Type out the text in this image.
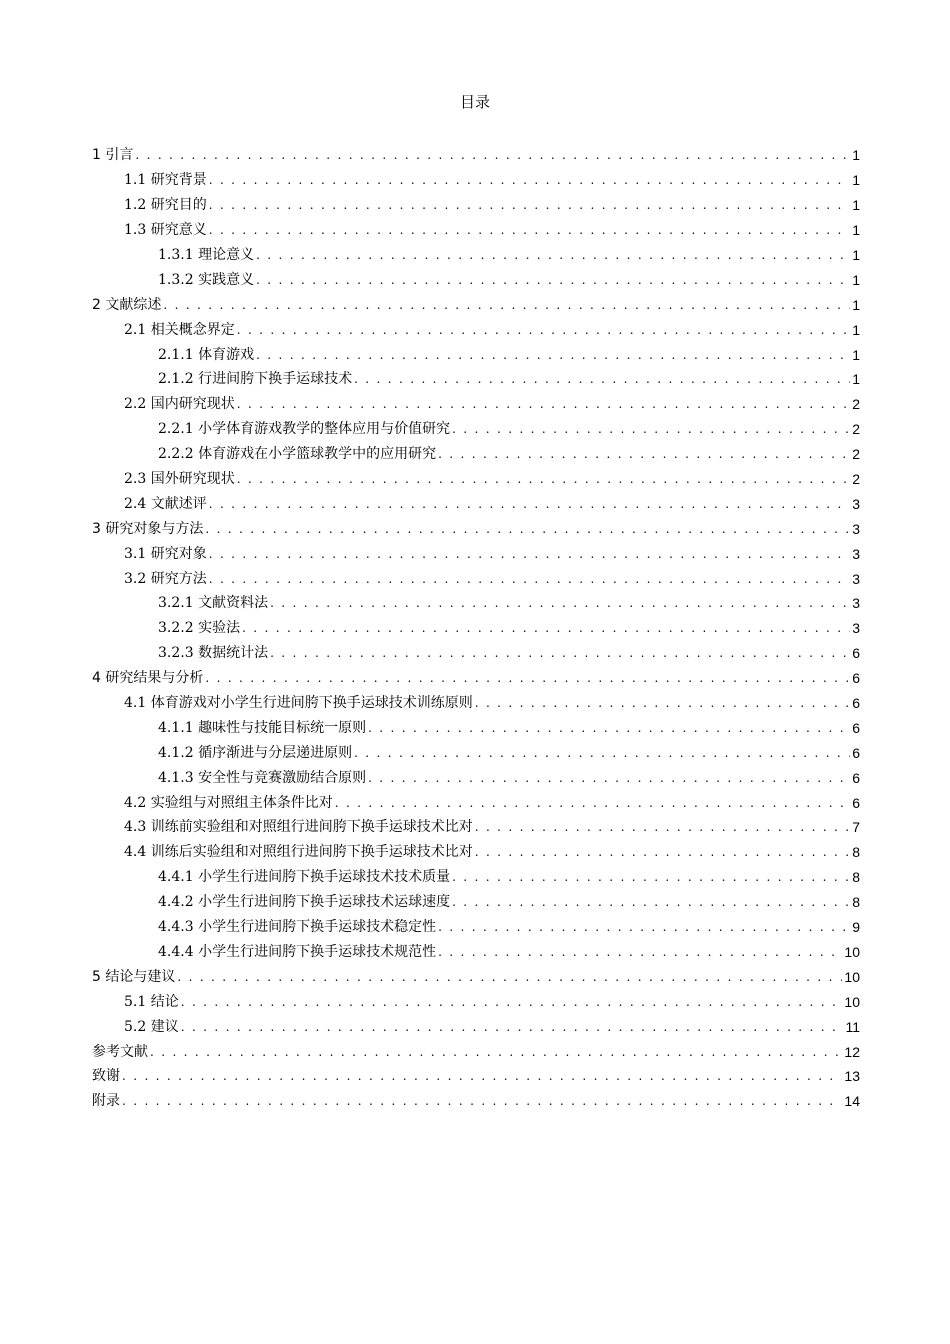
目录
1 引言 . . .	1
1.1 研究背景 . . .	1
1.2 研究目的 . . .	1
1.3 研究意义 . . .	1
1.3.1 理论意义 . . .	1
1.3.2 实践意义 . . .	1
2 文献综述 . . .	1
2.1 相关概念界定 . . .	1
2.1.1 体育游戏 . . .	1
2.1.2 行进间胯下换手运球技术 . . .	1
2.2 国内研究现状 . . .	2
2.2.1 小学体育游戏教学的整体应用与价值研究 . . .	2
2.2.2 体育游戏在小学篮球教学中的应用研究 . . .	2
2.3 国外研究现状 . . .	2
2.4 文献述评 . . .	3
3 研究对象与方法 . . .	3
3.1 研究对象 . . .	3
3.2 研究方法 . . .	3
3.2.1 文献资料法 . . .	3
3.2.2 实验法 . . .	3
3.2.3 数据统计法 . . .	6
4 研究结果与分析 . . .	6
4.1 体育游戏对小学生行进间胯下换手运球技术训练原则 . . .	6
4.1.1 趣味性与技能目标统一原则 . . .	6
4.1.2 循序渐进与分层递进原则 . . .	6
4.1.3 安全性与竞赛激励结合原则 . . .	6
4.2 实验组与对照组主体条件比对 . . .	6
4.3 训练前实验组和对照组行进间胯下换手运球技术比对 . . .	7
4.4 训练后实验组和对照组行进间胯下换手运球技术比对 . . .	8
4.4.1 小学生行进间胯下换手运球技术技术质量 . . .	8
4.4.2 小学生行进间胯下换手运球技术运球速度 . . .	8
4.4.3 小学生行进间胯下换手运球技术稳定性 . . .	9
4.4.4 小学生行进间胯下换手运球技术规范性 . . .	10
5 结论与建议 . . .	10
5.1 结论 . . .	10
5.2 建议 . . .	11
参考文献 . . .	12
致谢 . . .	13
附录 . . .	14
